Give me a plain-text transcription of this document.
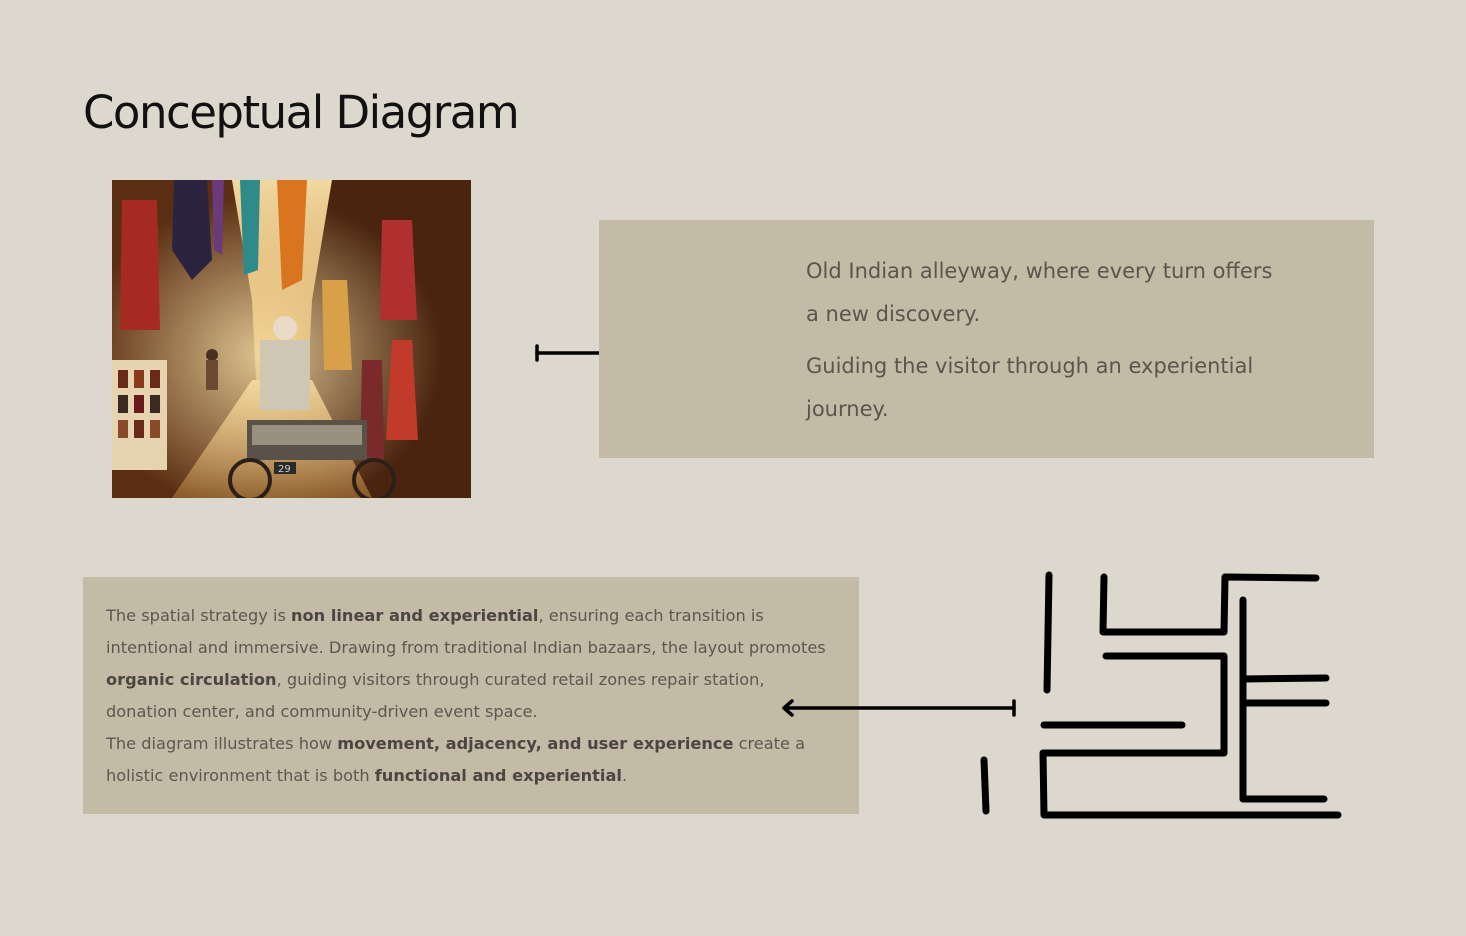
Conceptual Diagram
29

Old Indian alleyway, where every turn offers a new discovery.

Guiding the visitor through an experiential journey.

The spatial strategy is non linear and experiential, ensuring each transition is intentional and immersive. Drawing from traditional Indian bazaars, the layout promotes organic circulation, guiding visitors through curated retail zones repair station, donation center, and community-driven event space.

The diagram illustrates how movement, adjacency, and user experience create a holistic environment that is both functional and experiential.
